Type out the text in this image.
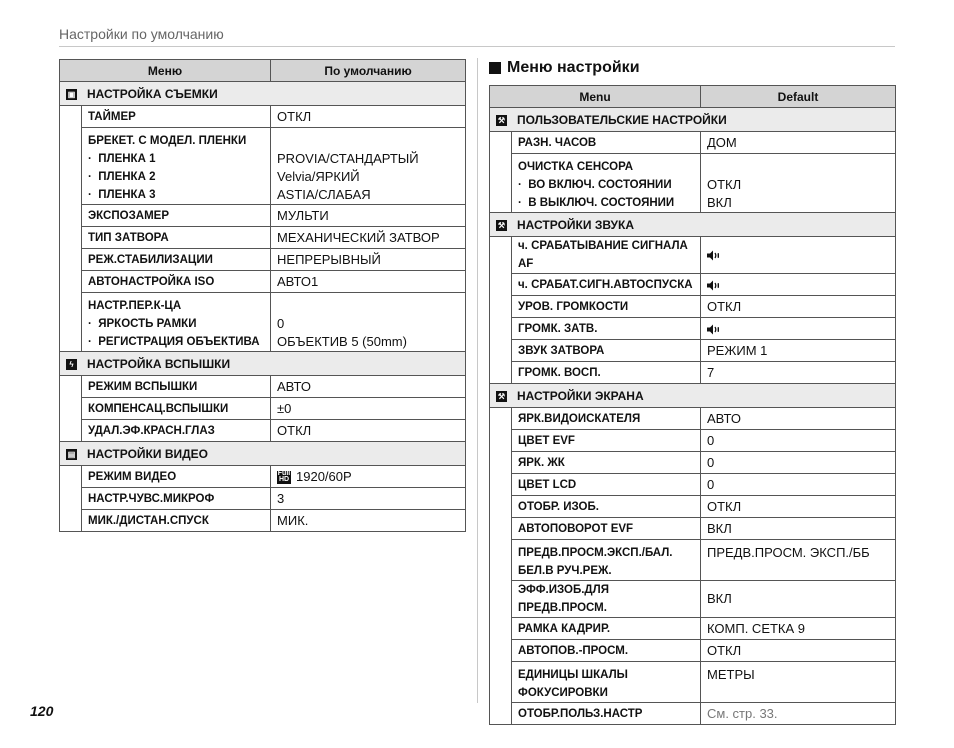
Настройки по умолчанию
Меню		По умолчанию
▣ НАСТРОЙКА СЪЕМКИ		
	ТАЙМЕР	ОТКЛ

	БРЕКЕТ. С МОДЕЛ. ПЛЕНКИ
·  ПЛЕНКА 1
·  ПЛЕНКА 2
·  ПЛЕНКА 3	PROVIA/СТАНДАРТЫЙ
Velvia/ЯРКИЙ
ASTIA/СЛАБАЯ

	ЭКСПОЗАМЕР	МУЛЬТИ
	ТИП ЗАТВОРА	МЕХАНИЧЕСКИЙ ЗАТВОР
	РЕЖ.СТАБИЛИЗАЦИИ	НЕПРЕРЫВНЫЙ
	АВТОНАСТРОЙКА ISO	АВТО1

	НАСТР.ПЕР.К-ЦА
·  ЯРКОСТЬ РАМКИ
·  РЕГИСТРАЦИЯ ОБЪЕКТИВА	0
ОБЪЕКТИВ 5 (50mm)

ϟ НАСТРОЙКА ВСПЫШКИ		
	РЕЖИМ ВСПЫШКИ	АВТО
	КОМПЕНСАЦ.ВСПЫШКИ	±0
	УДАЛ.ЭФ.КРАСН.ГЛАЗ	ОТКЛ
▤ НАСТРОЙКИ ВИДЕО		
	РЕЖИМ ВИДЕО	Full
HD 1920/60P
	НАСТР.ЧУВС.МИКРОФ	3
	МИК./ДИСТАН.СПУСК	МИК.
Меню настройки
Menu		Default
⚒ ПОЛЬЗОВАТЕЛЬСКИЕ НАСТРОЙКИ		
	РАЗН. ЧАСОВ	ДОМ

	ОЧИСТКА СЕНСОРА
·  ВО ВКЛЮЧ. СОСТОЯНИИ
·  В ВЫКЛЮЧ. СОСТОЯНИИ	ОТКЛ
ВКЛ

⚒ НАСТРОЙКИ ЗВУКА		
	ч. СРАБАТЫВАНИЕ СИГНАЛА AF	
	ч. СРАБАТ.СИГН.АВТОСПУСКА	
	УРОВ. ГРОМКОСТИ	ОТКЛ
	ГРОМК. ЗАТВ.	
	ЗВУК ЗАТВОРА	РЕЖИМ 1
	ГРОМК. ВОСП.	7
⚒ НАСТРОЙКИ ЭКРАНА		
	ЯРК.ВИДОИСКАТЕЛЯ	АВТО
	ЦВЕТ EVF	0
	ЯРК. ЖК	0
	ЦВЕТ LCD	0
	ОТОБР. ИЗОБ.	ОТКЛ
	АВТОПОВОРОТ EVF	ВКЛ

	ПРЕДВ.ПРОСМ.ЭКСП./БАЛ.
БЕЛ.В РУЧ.РЕЖ.	ПРЕДВ.ПРОСМ. ЭКСП./ББ
	ЭФФ.ИЗОБ.ДЛЯ ПРЕДВ.ПРОСМ.	ВКЛ
	РАМКА КАДРИР.	КОМП. СЕТКА 9
	АВТОПОВ.-ПРОСМ.	ОТКЛ

	ЕДИНИЦЫ ШКАЛЫ
ФОКУСИРОВКИ	МЕТРЫ
	ОТОБР.ПОЛЬЗ.НАСТР	См. стр. 33.
120
